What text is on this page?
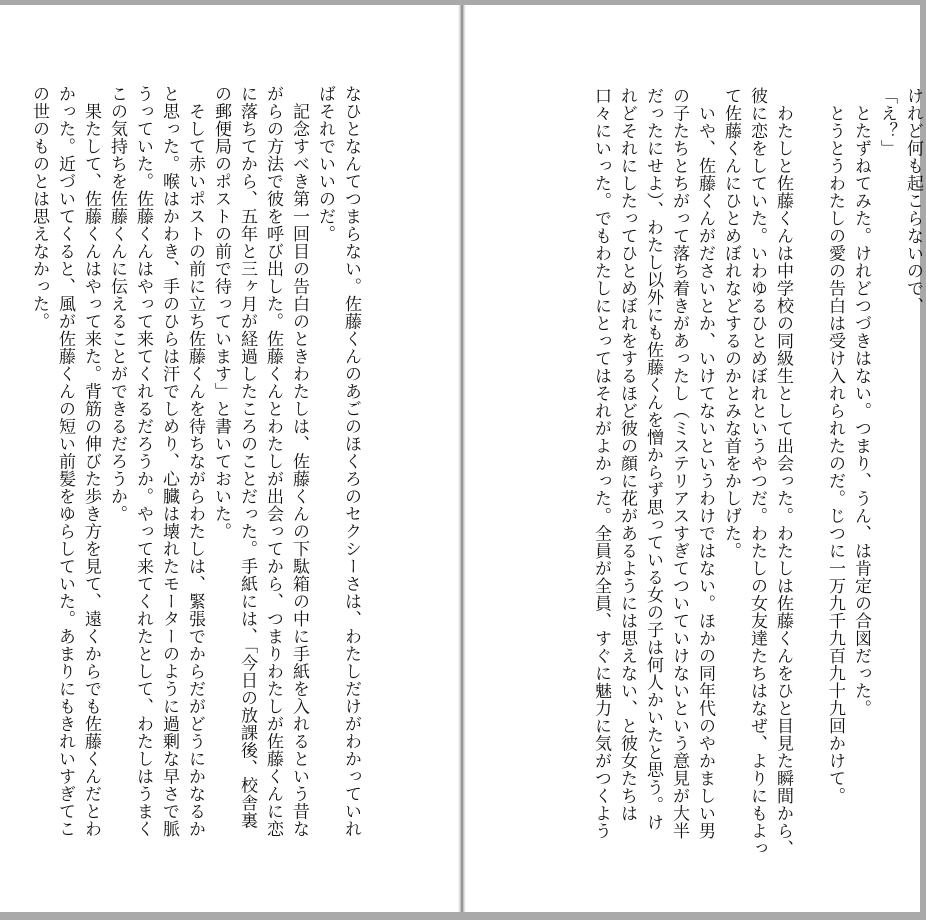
なひとなんてつまらない。佐藤くんのあごのほくろのセクシーさは、わたしだけがわかっていれ
ばそれでいいのだ。
　記念すべき第一回目の告白のときわたしは、佐藤くんの下駄箱の中に手紙を入れるという昔な
がらの方法で彼を呼び出した。佐藤くんとわたしが出会ってから、つまりわたしが佐藤くんに恋
に落ちてから、五年と三ヶ月が経過したころのことだった。手紙には、「今日の放課後、校舎裏
の郵便局のポストの前で待っています」と書いておいた。
　そして赤いポストの前に立ち佐藤くんを待ちながらわたしは、緊張でからだがどうにかなるか
と思った。喉はかわき、手のひらは汗でしめり、心臓は壊れたモーターのように過剰な早さで脈
うっていた。佐藤くんはやって来てくれるだろうか。やって来てくれたとして、わたしはうまく
この気持ちを佐藤くんに伝えることができるだろうか。
　果たして、佐藤くんはやって来た。背筋の伸びた歩き方を見て、遠くからでも佐藤くんだとわ
かった。近づいてくると、風が佐藤くんの短い前髪をゆらしていた。あまりにもきれいすぎてこ
の世のものとは思えなかった。	けれど何も起こらないので、
「え？」
　とたずねてみた。けれどつづきはない。つまり、うん、は肯定の合図だった。
　とうとうわたしの愛の告白は受け入れられたのだ。じつに一万九千九百九十九回かけて。

　わたしと佐藤くんは中学校の同級生として出会った。わたしは佐藤くんをひと目見た瞬間から、
彼に恋をしていた。いわゆるひとめぼれというやつだ。わたしの女友達たちはなぜ、よりにもよっ
て佐藤くんにひとめぼれなどするのかとみな首をかしげた。
　いや、佐藤くんがださいとか、いけてないというわけではない。ほかの同年代のやかましい男
の子たちとちがって落ち着きがあったし（ミステリアスすぎてついていけないという意見が大半
だったにせよ）、わたし以外にも佐藤くんを憎からず思っている女の子は何人かいたと思う。け
れどそれにしたってひとめぼれをするほど彼の顔に花があるようには思えない、と彼女たちは
口々にいった。でもわたしにとってはそれがよかった。全員が全員、すぐに魅力に気がつくよう
